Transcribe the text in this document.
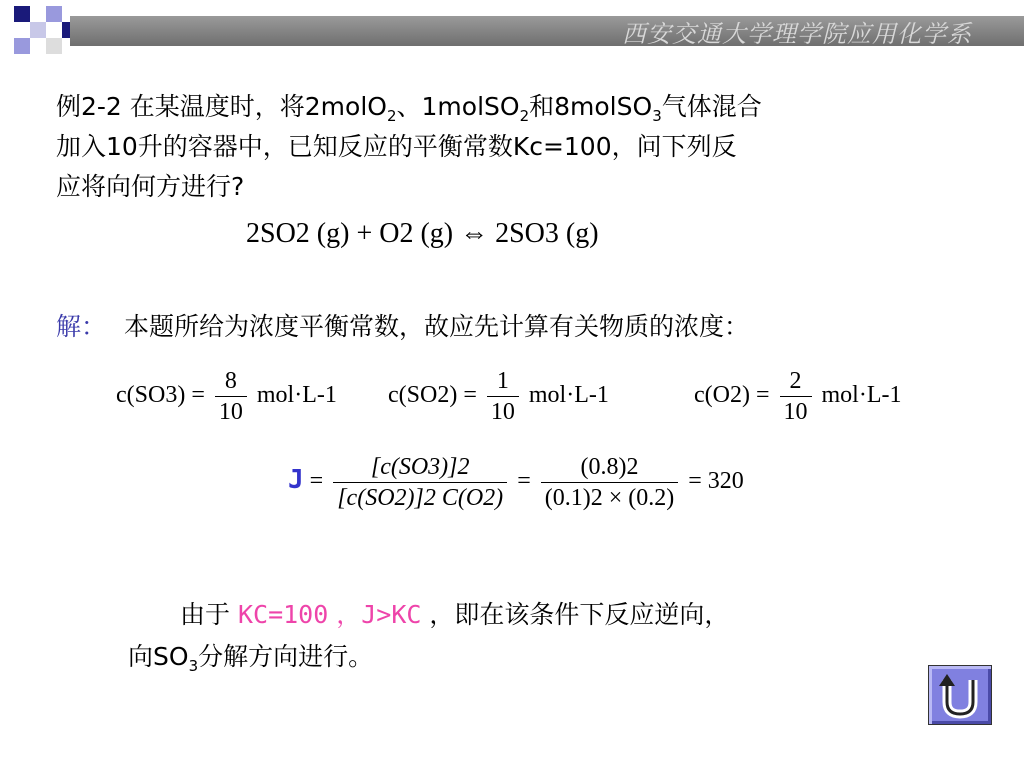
西安交通大学理学院应用化学系
例2-2 在某温度时，将2molO$_2$、1molSO$_2$和8molSO$_3$气体混合
加入10升的容器中，已知反应的平衡常数Kc=100，问下列反
应将向何方进行?
2SO2 (g) + O2 (g) ⇔ 2SO3 (g)
解： 本题所给为浓度平衡常数，故应先计算有关物质的浓度：
$c(SO3) = \frac{8}{10} mol\cdot L-1$ $c(SO2) = \frac{1}{10} mol\cdot L-1$	$c(O2) = \frac{2}{10} mol\cdot L-1$
$J = \frac{[c(SO3)]2}{[c(SO2)]2 C(O2)} = \frac{(0.8)2}{(0.1)2 \times (0.2)} = 320$
由于 KC=100 ，J>KC ，即在该条件下反应逆向，
向$SO_3$分解方向进行。
